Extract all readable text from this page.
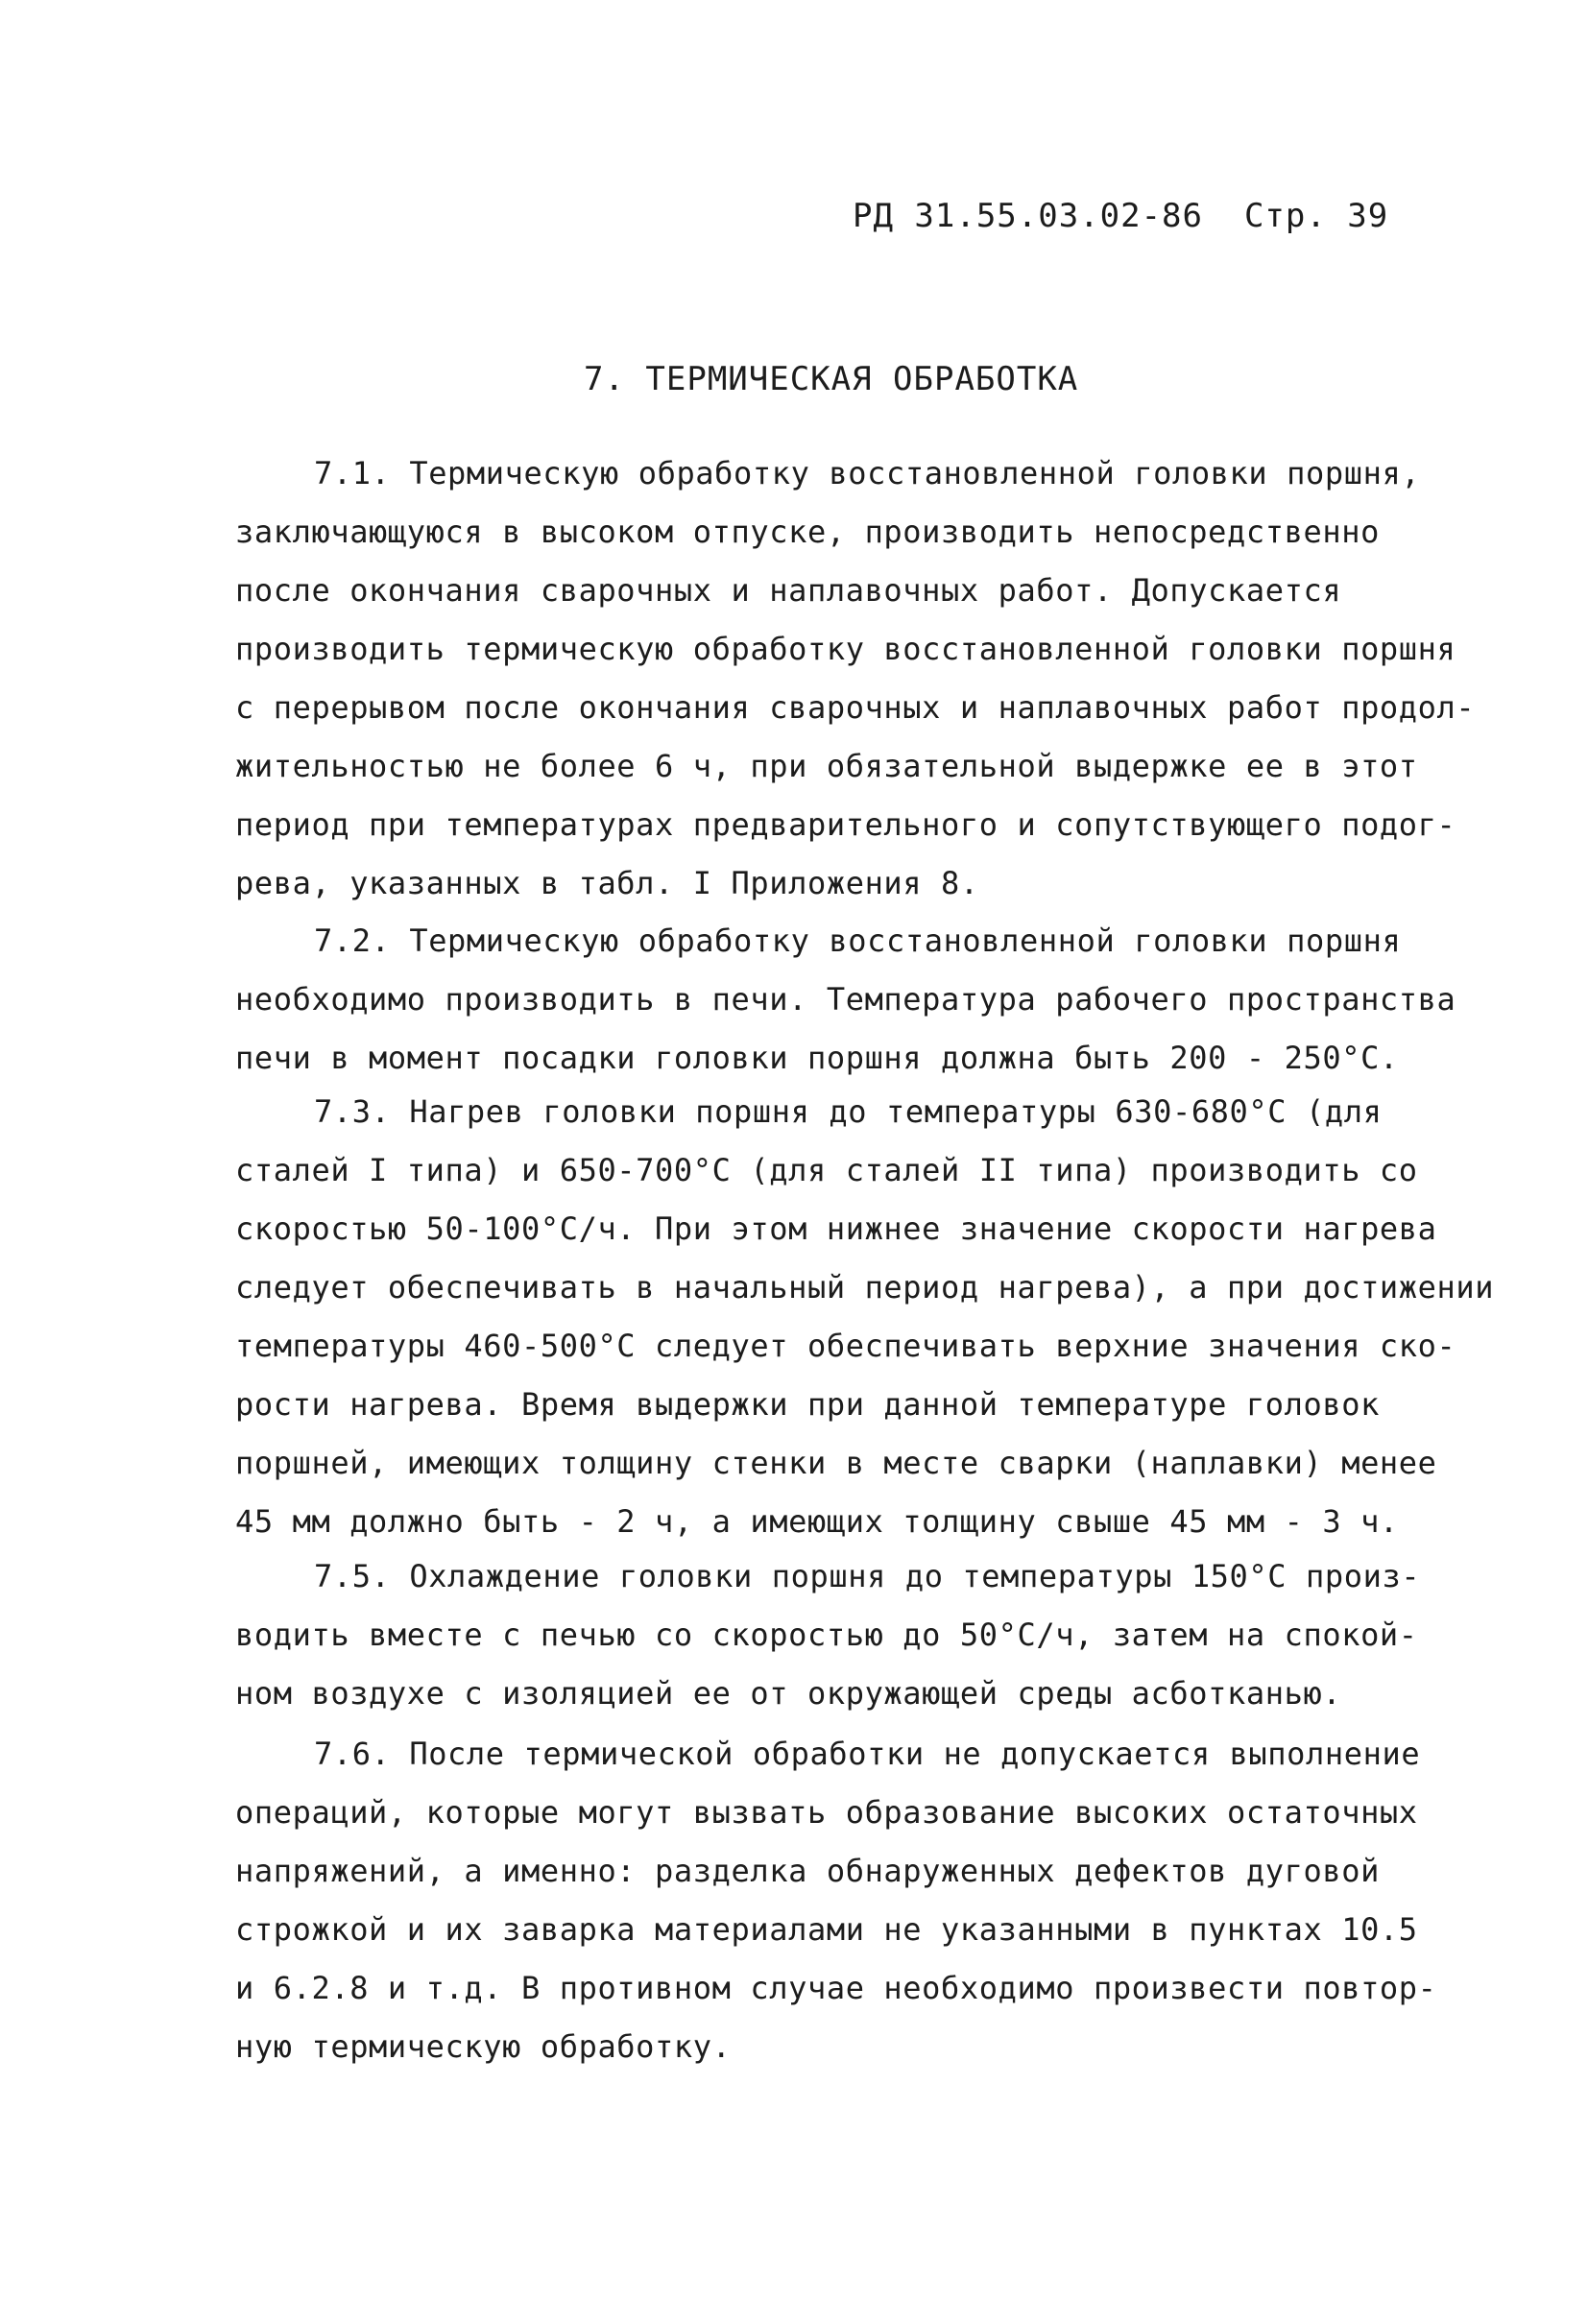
РД 31.55.03.02-86 Стр. 39
7. ТЕРМИЧЕСКАЯ ОБРАБОТКА
7.1. Термическую обработку восстановленной головки поршня,
заключающуюся в высоком отпуске, производить непосредственно
после окончания сварочных и наплавочных работ. Допускается
производить термическую обработку восстановленной головки поршня
с перерывом после окончания сварочных и наплавочных работ продол-
жительностью не более 6 ч, при обязательной выдержке ее в этот
период при температурах предварительного и сопутствующего подог-
рева, указанных в табл. I Приложения 8.
7.2. Термическую обработку восстановленной головки поршня
необходимо производить в печи. Температура рабочего пространства
печи в момент посадки головки поршня должна быть 200 - 250°С.
7.3. Нагрев головки поршня до температуры 630-680°С (для
сталей I типа) и 650-700°С (для сталей II типа) производить со
скоростью 50-100°С/ч. При этом нижнее значение скорости нагрева
следует обеспечивать в начальный период нагрева), а при достижении
температуры 460-500°С следует обеспечивать верхние значения ско-
рости нагрева. Время выдержки при данной температуре головок
поршней, имеющих толщину стенки в месте сварки (наплавки) менее
45 мм должно быть - 2 ч, а имеющих толщину свыше 45 мм - 3 ч.
7.5. Охлаждение головки поршня до температуры 150°С произ-
водить вместе с печью со скоростью до 50°С/ч, затем на спокой-
ном воздухе с изоляцией ее от окружающей среды асботканью.
7.6. После термической обработки не допускается выполнение
операций, которые могут вызвать образование высоких остаточных
напряжений, а именно: разделка обнаруженных дефектов дуговой
строжкой и их заварка материалами не указанными в пунктах 10.5
и 6.2.8 и т.д. В противном случае необходимо произвести повтор-
ную термическую обработку.
